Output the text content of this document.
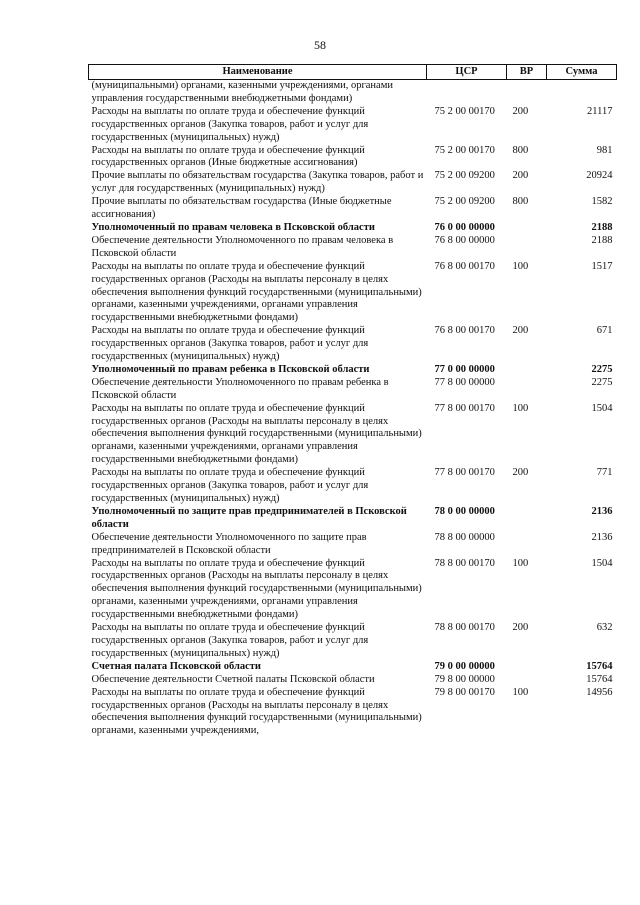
58
Наименование	ЦСР	ВР	Сумма
(муниципальными) органами, казенными учреждениями, органами управления государственными внебюджетными фондами)			
Расходы на выплаты по оплате труда и обеспечение функций государственных органов (Закупка товаров, работ и услуг для государственных (муниципальных) нужд)	75 2 00 00170	200	21117
Расходы на выплаты по оплате труда и обеспечение функций государственных органов (Иные бюджетные ассигнования)	75 2 00 00170	800	981
Прочие выплаты по обязательствам государства (Закупка товаров, работ и услуг для государственных (муниципальных) нужд)	75 2 00 09200	200	20924
Прочие выплаты по обязательствам государства (Иные бюджетные ассигнования)	75 2 00 09200	800	1582
Уполномоченный по правам человека в Псковской области	76 0 00 00000		2188
Обеспечение деятельности Уполномоченного по правам человека в Псковской области	76 8 00 00000		2188
Расходы на выплаты по оплате труда и обеспечение функций государственных органов (Расходы на выплаты персоналу в целях обеспечения выполнения функций государственными (муниципальными) органами, казенными учреждениями, органами управления государственными внебюджетными фондами)	76 8 00 00170	100	1517
Расходы на выплаты по оплате труда и обеспечение функций государственных органов (Закупка товаров, работ и услуг для государственных (муниципальных) нужд)	76 8 00 00170	200	671
Уполномоченный по правам ребенка в Псковской области	77 0 00 00000		2275
Обеспечение деятельности Уполномоченного по правам ребенка в Псковской области	77 8 00 00000		2275
Расходы на выплаты по оплате труда и обеспечение функций государственных органов (Расходы на выплаты персоналу в целях обеспечения выполнения функций государственными (муниципальными) органами, казенными учреждениями, органами управления государственными внебюджетными фондами)	77 8 00 00170	100	1504
Расходы на выплаты по оплате труда и обеспечение функций государственных органов (Закупка товаров, работ и услуг для государственных (муниципальных) нужд)	77 8 00 00170	200	771
Уполномоченный по защите прав предпринимателей в Псковской области	78 0 00 00000		2136
Обеспечение деятельности Уполномоченного по защите прав предпринимателей в Псковской области	78 8 00 00000		2136
Расходы на выплаты по оплате труда и обеспечение функций государственных органов (Расходы на выплаты персоналу в целях обеспечения выполнения функций государственными (муниципальными) органами, казенными учреждениями, органами управления государственными внебюджетными фондами)	78 8 00 00170	100	1504
Расходы на выплаты по оплате труда и обеспечение функций государственных органов (Закупка товаров, работ и услуг для государственных (муниципальных) нужд)	78 8 00 00170	200	632
Счетная палата Псковской области	79 0 00 00000		15764
Обеспечение деятельности Счетной палаты Псковской области	79 8 00 00000		15764
Расходы на выплаты по оплате труда и обеспечение функций государственных органов (Расходы на выплаты персоналу в целях обеспечения выполнения функций государственными (муниципальными) органами, казенными учреждениями,	79 8 00 00170	100	14956
